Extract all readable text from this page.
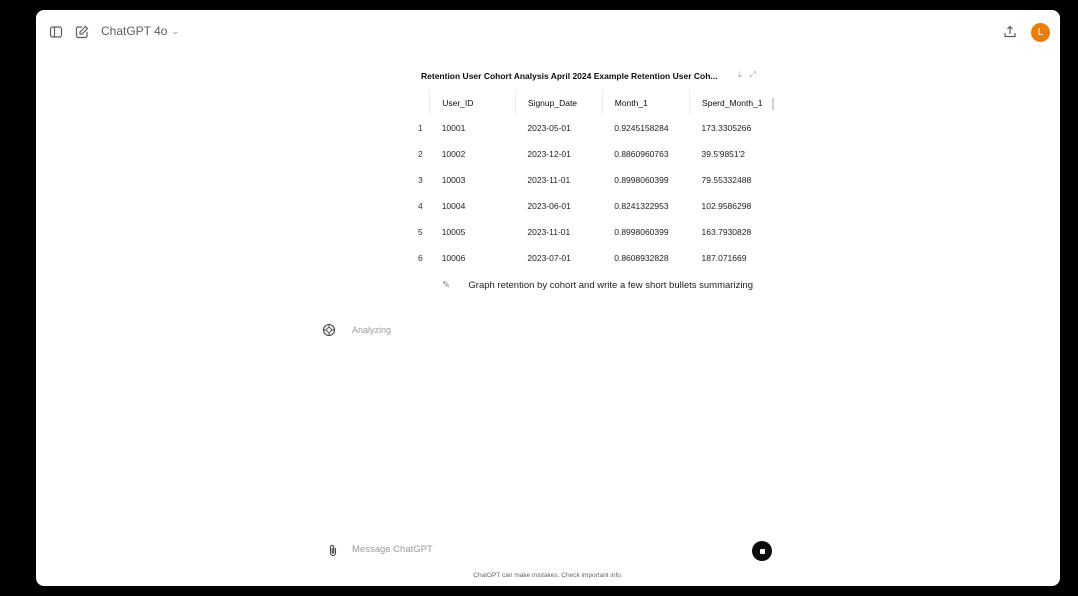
ChatGPT 4o ⌄	L
Retention User Cohort Analysis April 2024 Example Retention User Coh...	⤓ ⤢
	User_ID	Signup_Date	Month_1	Sperd_Month_1
1	10001	2023-05-01	0.9245158284	173.3305266
2	10002	2023-12-01	0.8860960763	39.5'9851'2
3	10003	2023-11-01	0.8998060399	79.55332488
4	10004	2023-06-01	0.8241322953	102.9586298
5	10005	2023-11-01	0.8998060399	163.7930828
6	10006	2023-07-01	0.8608932828	187.071669
✎ Graph retention by cohort and write a few short bullets summarizing
Analyzing
Message ChatGPT
ChatGPT can make mistakes. Check important info.
